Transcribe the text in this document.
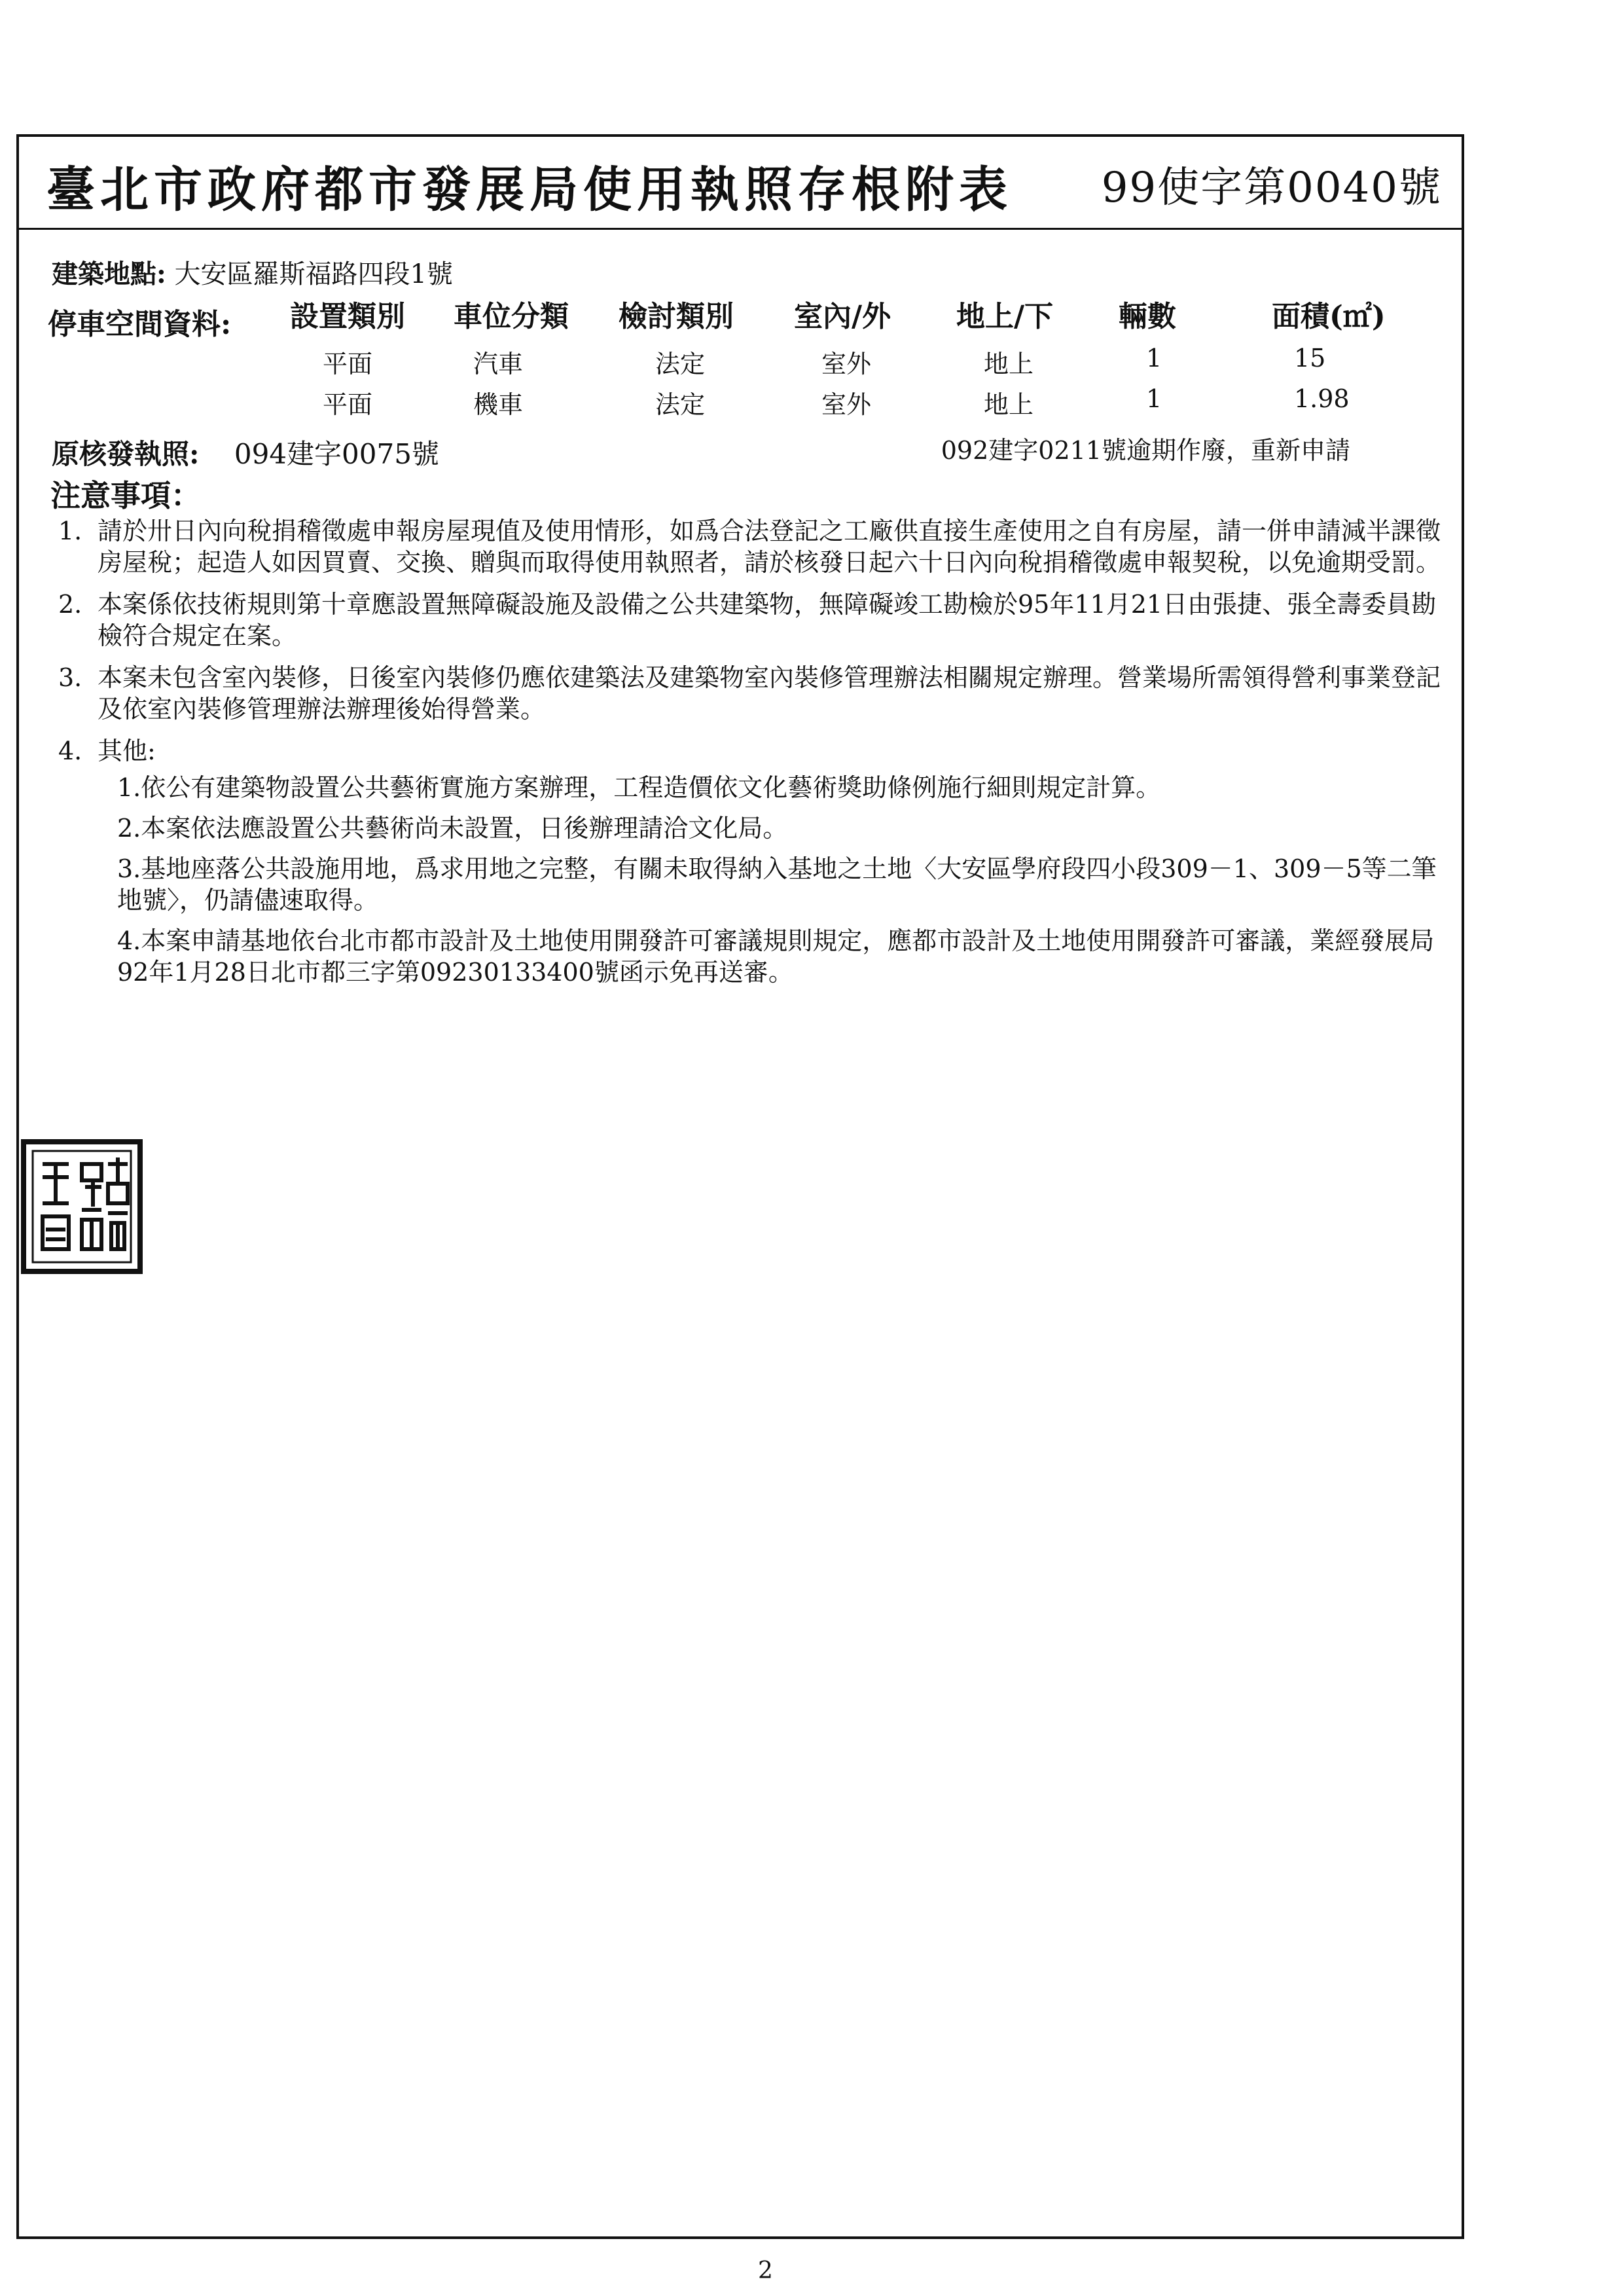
臺北市政府都市發展局使用執照存根附表 99使字第0040號
建築地點: 大安區羅斯福路四段1號
停車空間資料: 設置類別 車位分類 檢討類別 室內/外 地上/下 輛數	面積(㎡)
平面	汽車	法定	室外	地上	1	15
平面	機車	法定	室外	地上	1	1.98
原核發執照: 094建字0075號	092建字0211號逾期作廢，重新申請
注意事項：
1. 請於卅日內向稅捐稽徵處申報房屋現值及使用情形，如爲合法登記之工廠供直接生產使用之自有房屋，請一併申請減半課徵房屋稅；起造人如因買賣、交換、贈與而取得使用執照者，請於核發日起六十日內向稅捐稽徵處申報契稅，以免逾期受罰。
2. 本案係依技術規則第十章應設置無障礙設施及設備之公共建築物，無障礙竣工勘檢於95年11月21日由張捷、張全壽委員勘檢符合規定在案。
3. 本案未包含室內裝修，日後室內裝修仍應依建築法及建築物室內裝修管理辦法相關規定辦理。營業場所需領得營利事業登記及依室內裝修管理辦法辦理後始得營業。
4. 其他:
1.依公有建築物設置公共藝術實施方案辦理，工程造價依文化藝術獎助條例施行細則規定計算。
2.本案依法應設置公共藝術尚未設置，日後辦理請洽文化局。
3.基地座落公共設施用地，爲求用地之完整，有關未取得納入基地之土地〈大安區學府段四小段309－1、309－5等二筆地號〉，仍請儘速取得。
4.本案申請基地依台北市都市設計及土地使用開發許可審議規則規定，應都市設計及土地使用開發許可審議，業經發展局92年1月28日北市都三字第09230133400號函示免再送審。
2
